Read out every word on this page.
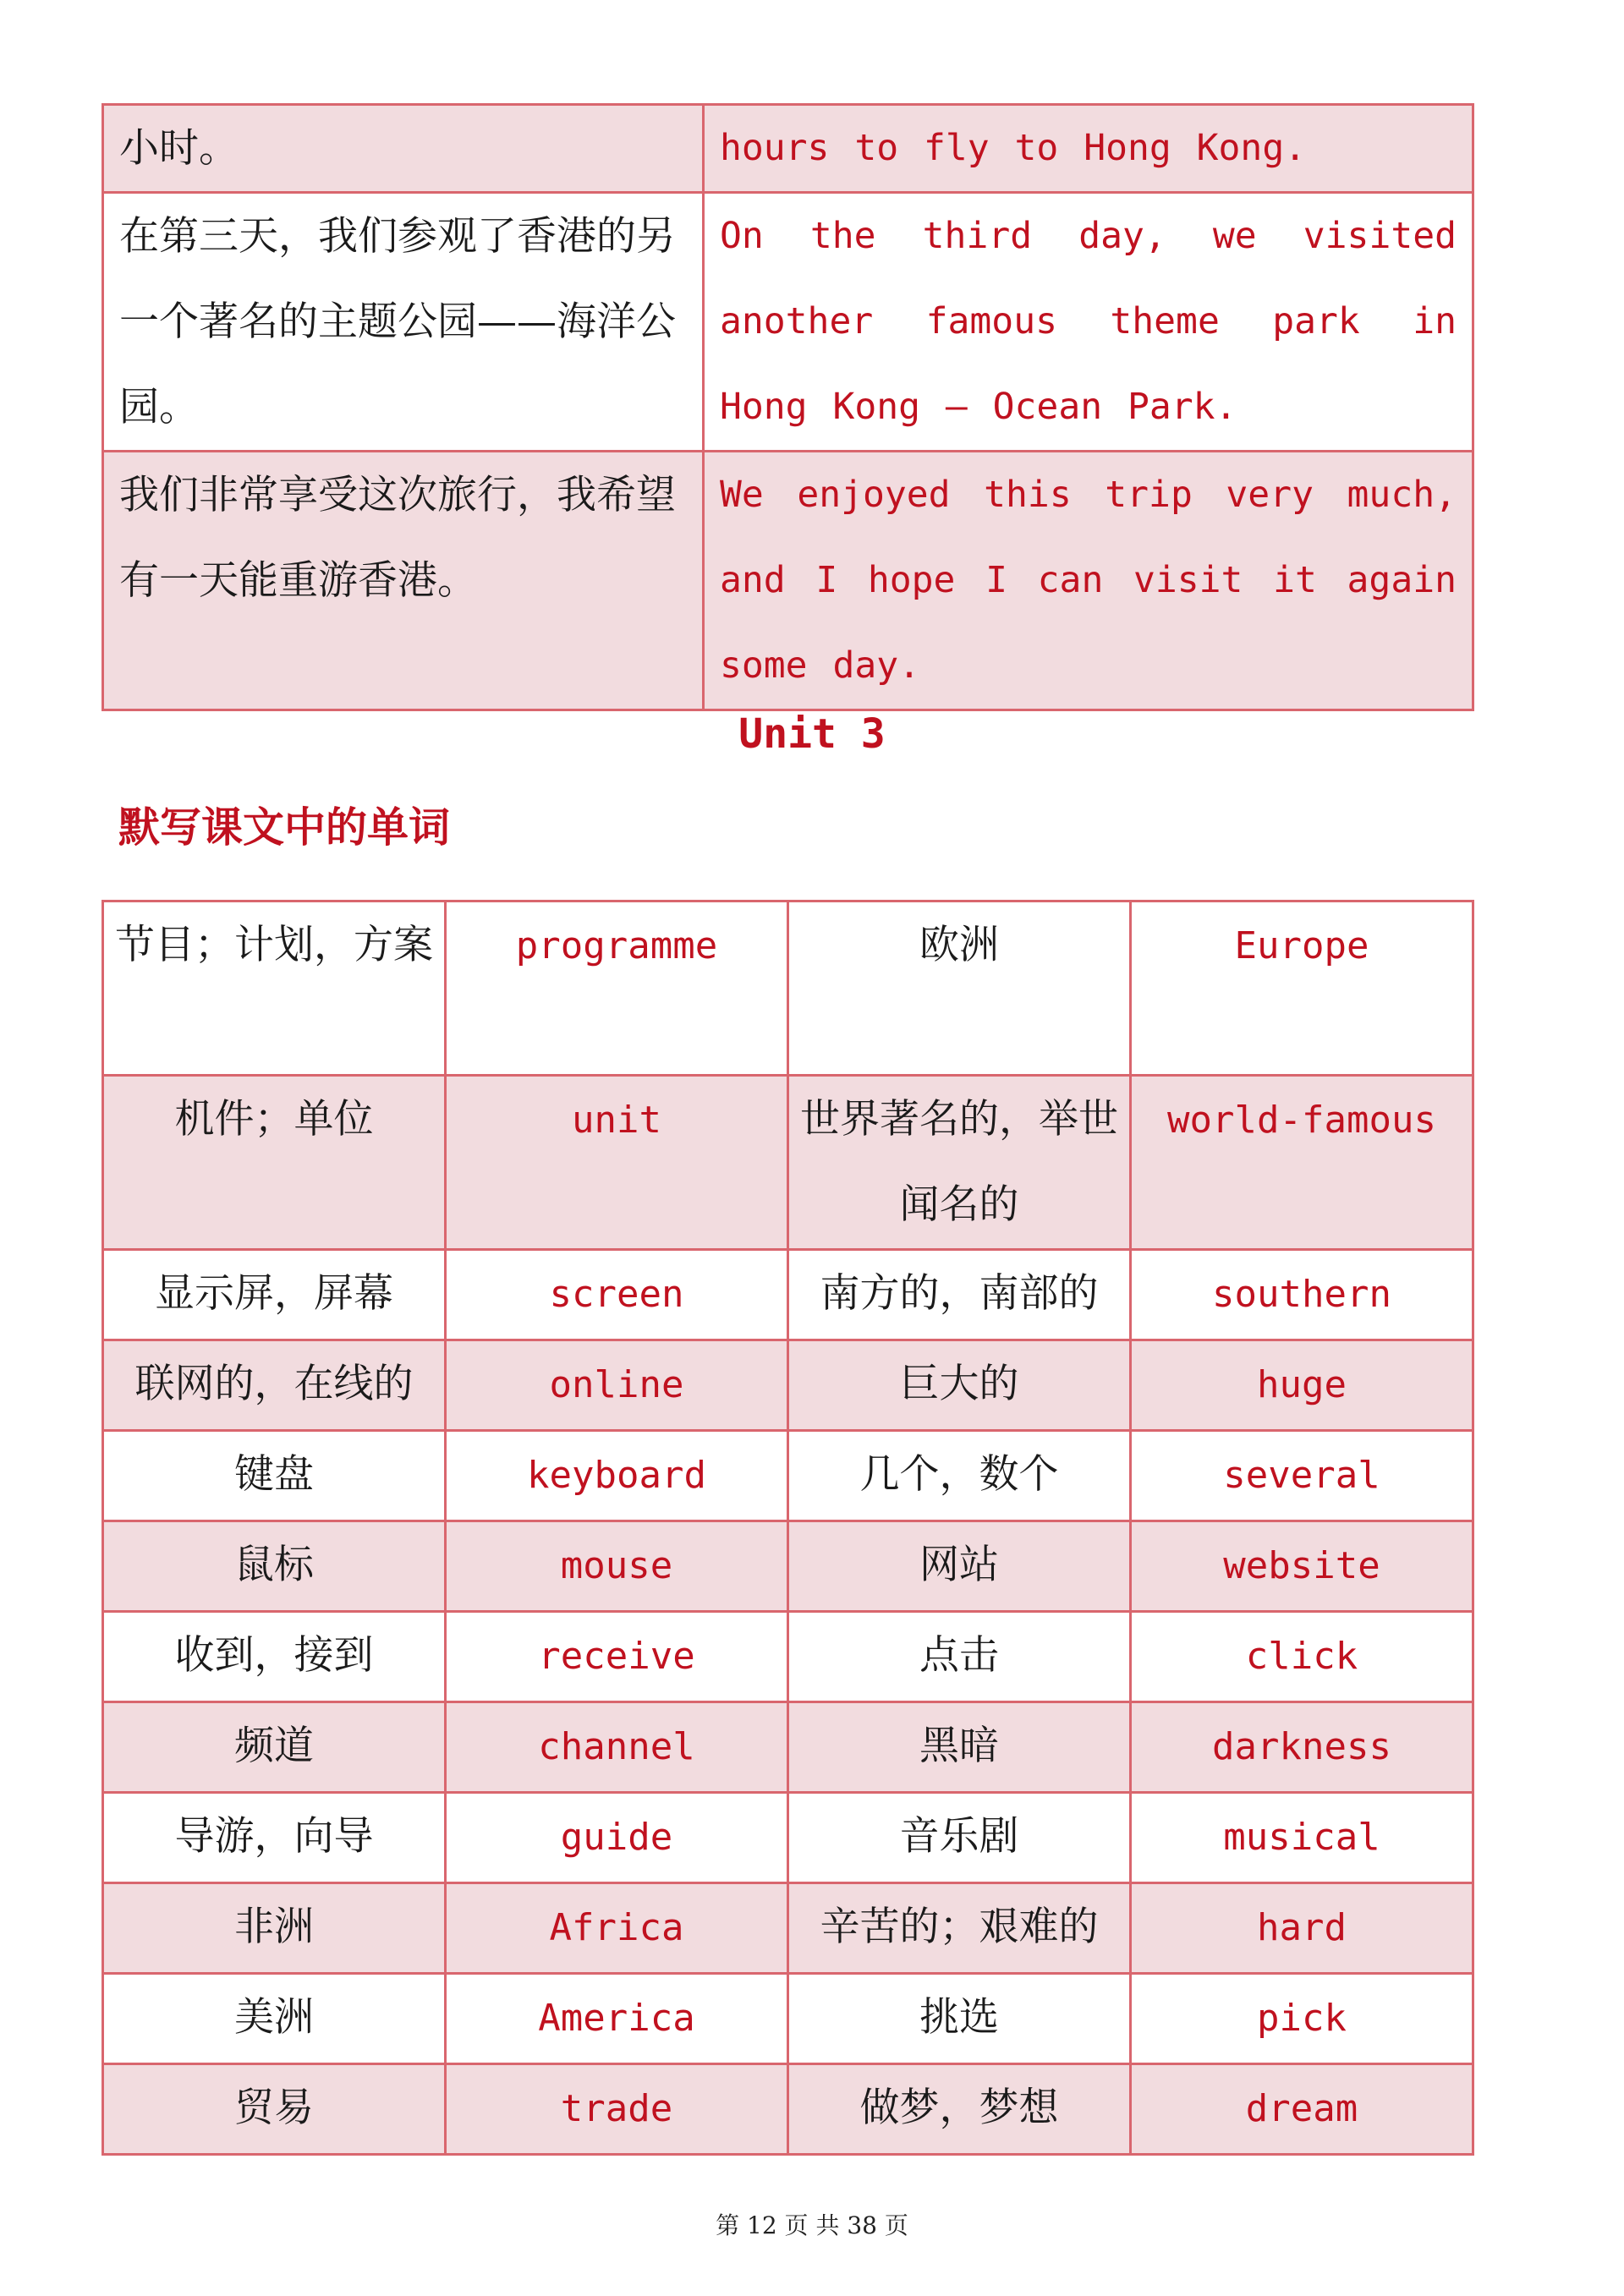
小时。	hours to fly to Hong Kong.
在第三天，我们参观了香港的另一个著名的主题公园——海洋公园。	On the third day, we visited another famous theme park in Hong Kong — Ocean Park.
我们非常享受这次旅行，我希望有一天能重游香港。	We enjoyed this trip very much, and I hope I can visit it again some day.
Unit 3
默写课文中的单词
节目；计划，方案	programme	欧洲	Europe
机件；单位	unit	世界著名的，举世闻名的	world-famous
显示屏，屏幕	screen	南方的，南部的	southern
联网的，在线的	online	巨大的	huge
键盘	keyboard	几个，数个	several
鼠标	mouse	网站	website
收到，接到	receive	点击	click
频道	channel	黑暗	darkness
导游，向导	guide	音乐剧	musical
非洲	Africa	辛苦的；艰难的	hard
美洲	America	挑选	pick
贸易	trade	做梦，梦想	dream
第 12 页 共 38 页
